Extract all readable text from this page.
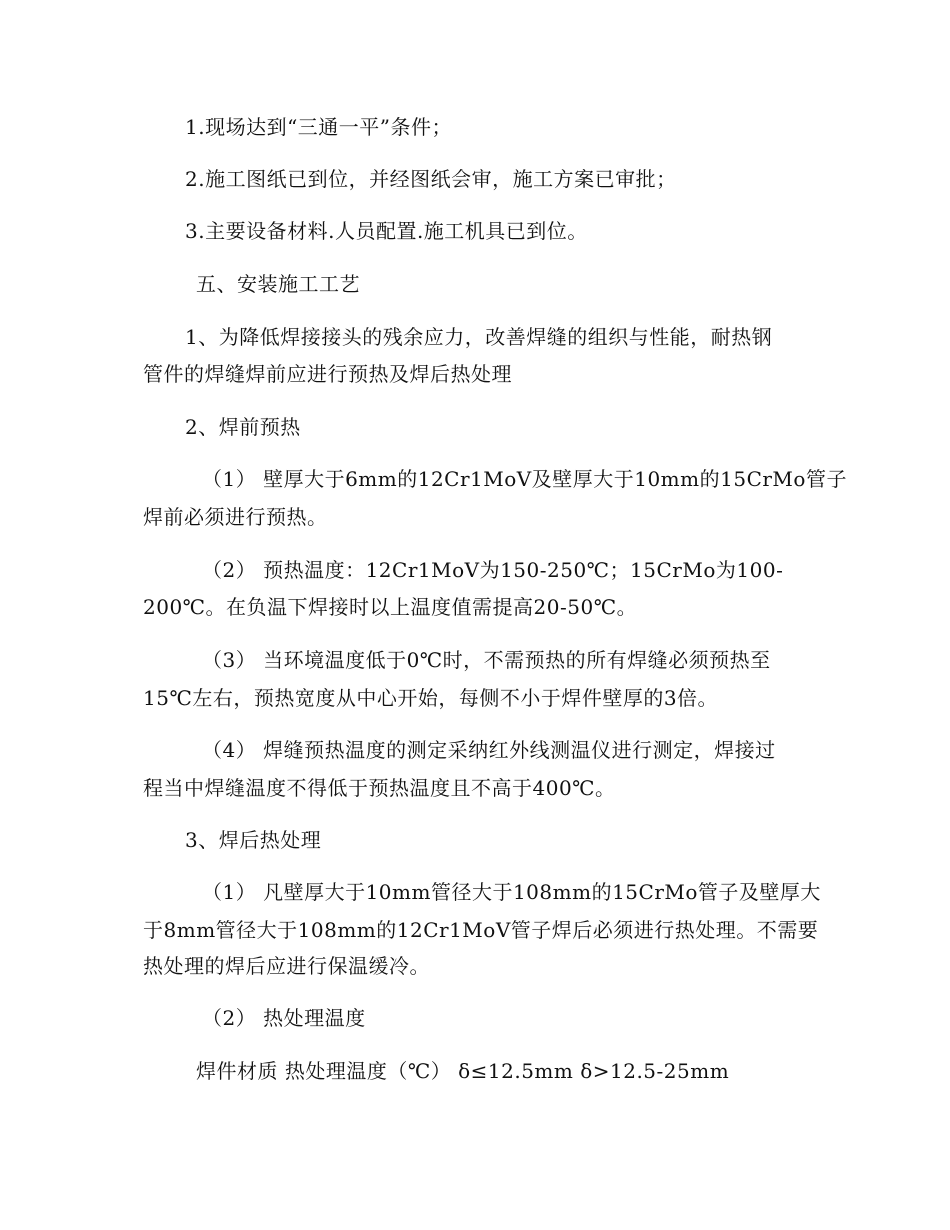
1.现场达到“三通一平”条件；
2.施工图纸已到位，并经图纸会审，施工方案已审批；
3.主要设备材料.人员配置.施工机具已到位。
五、安装施工工艺
1、为降低焊接接头的残余应力，改善焊缝的组织与性能，耐热钢
管件的焊缝焊前应进行预热及焊后热处理
2、焊前预热
（1） 壁厚大于6mm的12Cr1MoV及壁厚大于10mm的15CrMo管子
焊前必须进行预热。
（2） 预热温度：12Cr1MoV为150-250℃；15CrMo为100-
200℃。在负温下焊接时以上温度值需提高20-50℃。
（3） 当环境温度低于0℃时，不需预热的所有焊缝必须预热至
15℃左右，预热宽度从中心开始，每侧不小于焊件壁厚的3倍。
（4） 焊缝预热温度的测定采纳红外线测温仪进行测定，焊接过
程当中焊缝温度不得低于预热温度且不高于400℃。
3、焊后热处理
（1） 凡壁厚大于10mm管径大于108mm的15CrMo管子及壁厚大
于8mm管径大于108mm的12Cr1MoV管子焊后必须进行热处理。不需要
热处理的焊后应进行保温缓冷。
（2） 热处理温度
焊件材质 热处理温度（℃） δ≤12.5mm δ>12.5-25mm
